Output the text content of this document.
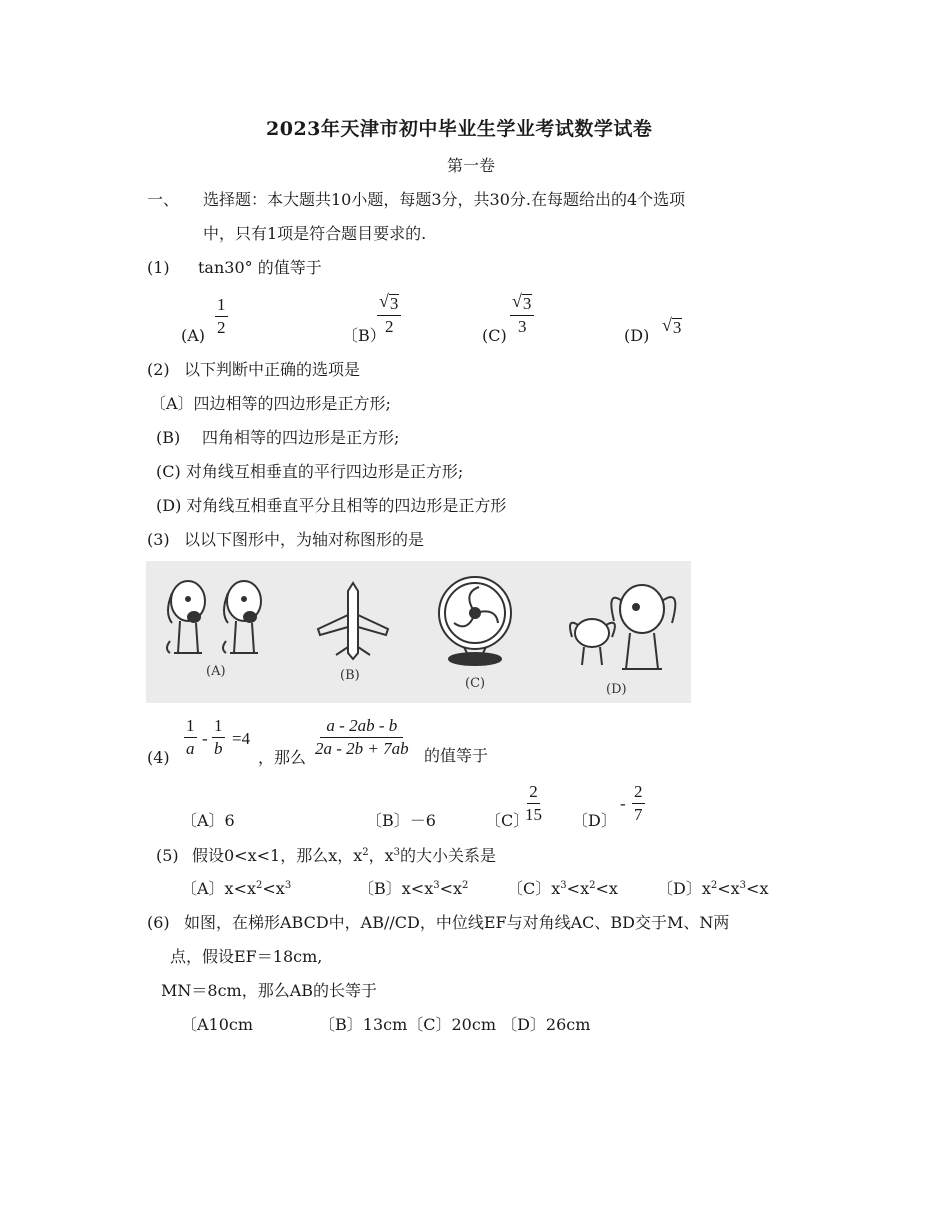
2023年天津市初中毕业生学业考试数学试卷
第一卷
一、 选择题：本大题共10小题，每题3分，共30分.在每题给出的4个选项
中，只有1项是符合题目要求的.
(1) tan30° 的值等于
$(A) \frac{1}{2}$	〔B）
$\frac{√ 3}{2}$	$(C) \frac{√ 3}{3}$	(D)
√ 3
(2) 以下判断中正确的选项是
〔A〕四边相等的四边形是正方形;
(B) 四角相等的四边形是正方形;
(C) 对角线互相垂直的平行四边形是正方形;
(D) 对角线互相垂直平分且相等的四边形是正方形
(3) 以以下图形中，为轴对称图形的是
(A)	(B)
(C)	(D)
$(4) \frac{1}{a} - \frac{1}{b} =4$
，那么 $\frac{a - 2ab - b}{2a - 2b + 7ab}$ 的值等于
〔A〕6	〔B〕－6	〔C〕
$\frac{2}{15}$ 〔D〕
- $\frac{2}{7}$
(5) 假设0<x<1，那么x，$x^2$，$x^3$的大小关系是
〔A〕$x<x^2<x^3$	〔B〕$x<x^3<x^2$ 〔C〕$x^3<x^2<x$ 〔D〕$x^2<x^3<x$
(6) 如图，在梯形ABCD中，AB//CD，中位线EF与对角线AC、BD交于M、N两
点，假设EF＝18cm,
MN＝8cm，那么AB的长等于
〔A10cm	〔B〕13cm〔C〕20cm 〔D〕26cm
